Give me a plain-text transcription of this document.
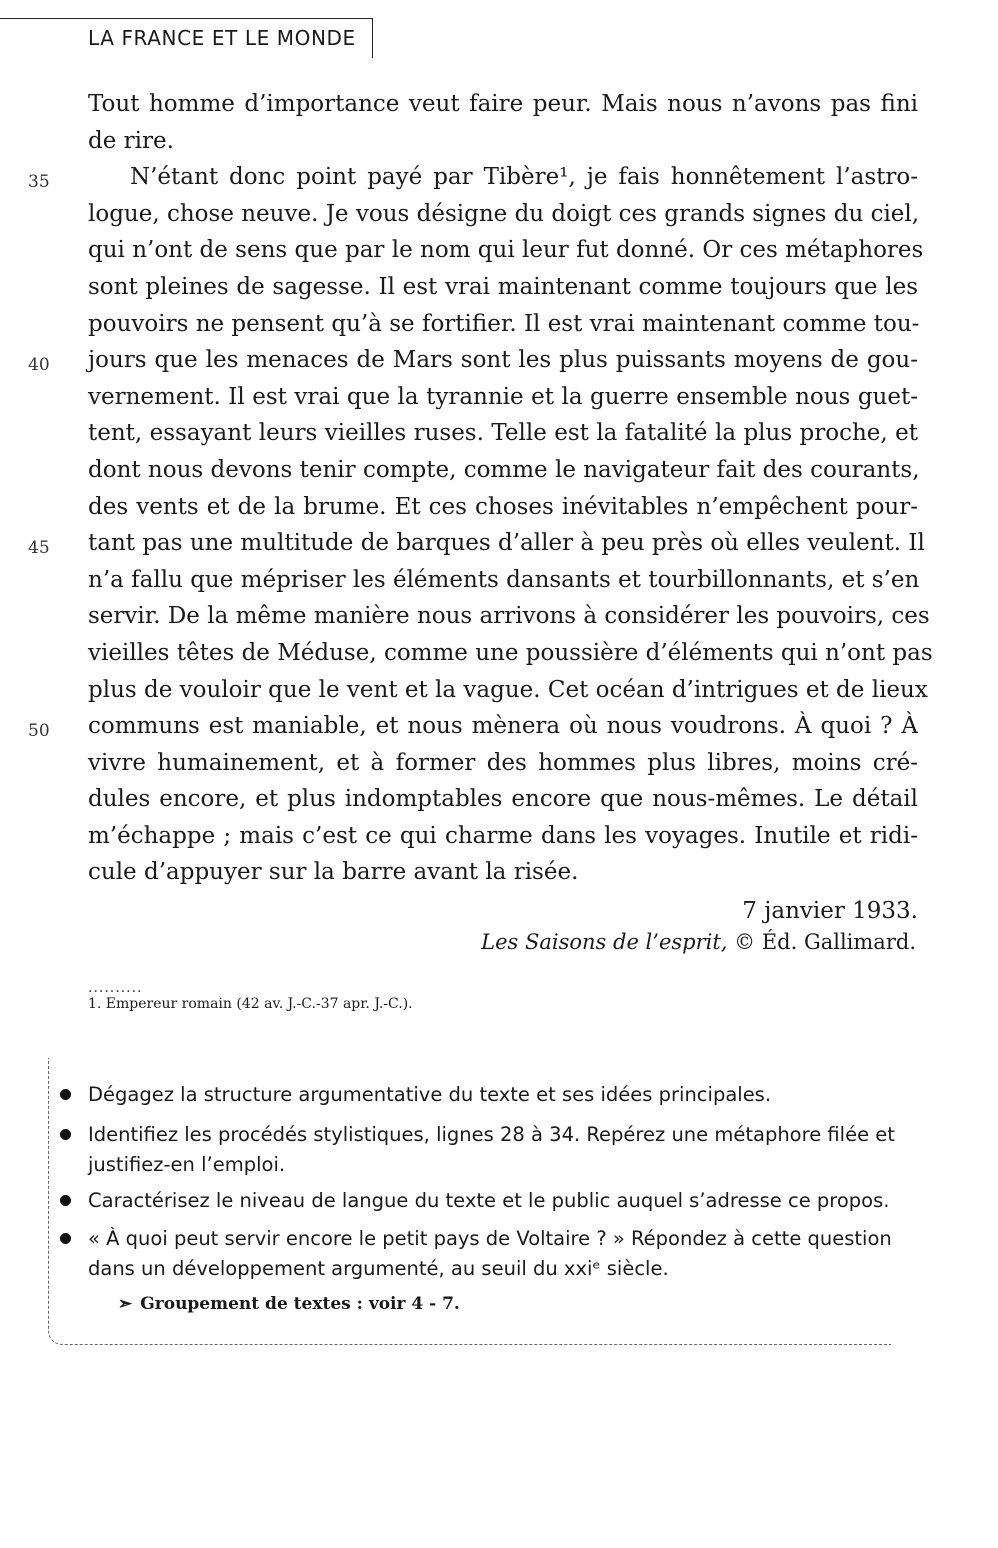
LA FRANCE ET LE MONDE
Tout homme d’importance veut faire peur. Mais nous n’avons pas fini
de rire.
35	N’étant donc point payé par Tibère¹, je fais honnêtement l’astro-
logue, chose neuve. Je vous désigne du doigt ces grands signes du ciel,
qui n’ont de sens que par le nom qui leur fut donné. Or ces métaphores
sont pleines de sagesse. Il est vrai maintenant comme toujours que les
pouvoirs ne pensent qu’à se fortifier. Il est vrai maintenant comme tou-
40 jours que les menaces de Mars sont les plus puissants moyens de gou-
vernement. Il est vrai que la tyrannie et la guerre ensemble nous guet-
tent, essayant leurs vieilles ruses. Telle est la fatalité la plus proche, et
dont nous devons tenir compte, comme le navigateur fait des courants,
des vents et de la brume. Et ces choses inévitables n’empêchent pour-
45 tant pas une multitude de barques d’aller à peu près où elles veulent. Il
n’a fallu que mépriser les éléments dansants et tourbillonnants, et s’en
servir. De la même manière nous arrivons à considérer les pouvoirs, ces
vieilles têtes de Méduse, comme une poussière d’éléments qui n’ont pas
plus de vouloir que le vent et la vague. Cet océan d’intrigues et de lieux
50 communs est maniable, et nous mènera où nous voudrons. À quoi ? À
vivre humainement, et à former des hommes plus libres, moins cré-
dules encore, et plus indomptables encore que nous-mêmes. Le détail
m’échappe ; mais c’est ce qui charme dans les voyages. Inutile et ridi-
cule d’appuyer sur la barre avant la risée.
7 janvier 1933.
Les Saisons de l’esprit, © Éd. Gallimard.
..........
1. Empereur romain (42 av. J.-C.-37 apr. J.-C.).
Dégagez la structure argumentative du texte et ses idées principales.
Identifiez les procédés stylistiques, lignes 28 à 34. Repérez une métaphore filée et justifiez-en l’emploi.
Caractérisez le niveau de langue du texte et le public auquel s’adresse ce propos.
« À quoi peut servir encore le petit pays de Voltaire ? » Répondez à cette question dans un développement argumenté, au seuil du xxiᵉ siècle.
➣ Groupement de textes : voir 4 - 7.
